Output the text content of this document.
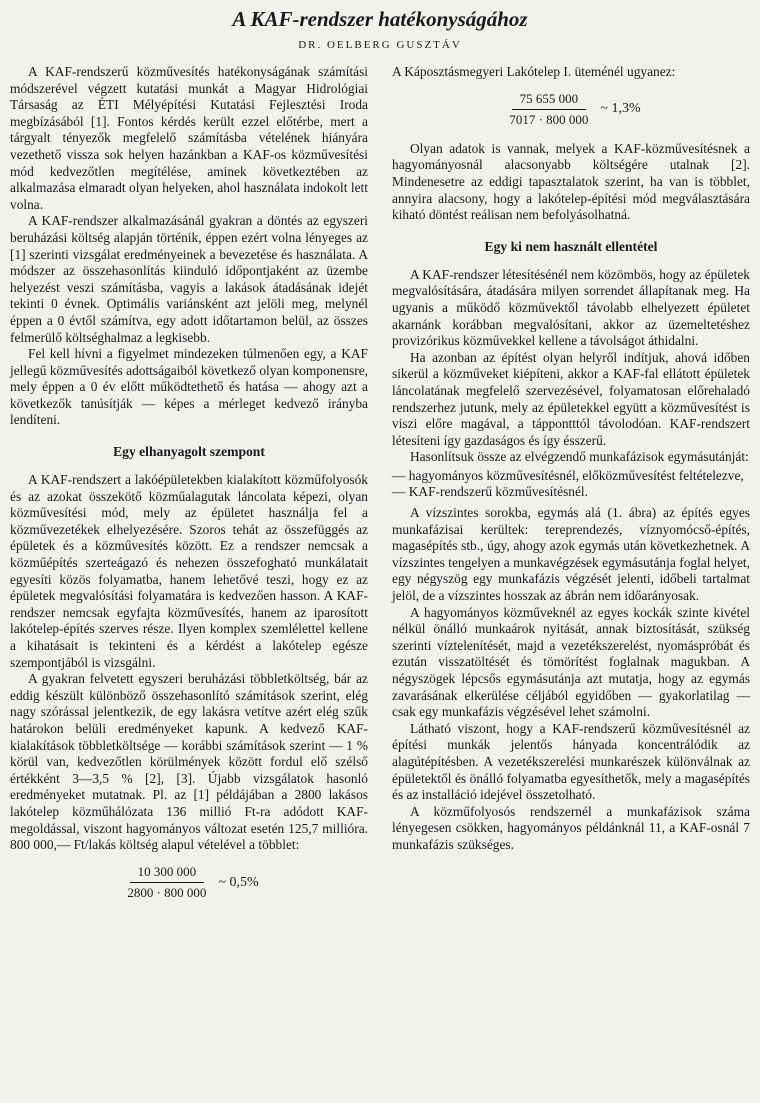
A KAF-rendszer hatékonyságához
DR. OELBERG GUSZTÁV

A KAF-rendszerű közművesítés hatékonyságának számítási módszerével végzett kutatási munkát a Magyar Hidrológiai Társaság az ÉTI Mélyépítési Kutatási Fejlesztési Iroda megbízásából [1]. Fontos kérdés került ezzel előtérbe, mert a tárgyalt tényezők megfelelő számításba vételének hiányára vezethető vissza sok helyen hazánkban a KAF-os közművesítési mód kedvezőtlen megítélése, aminek következtében az alkalmazása elmaradt olyan helyeken, ahol használata indokolt lett volna.

A KAF-rendszer alkalmazásánál gyakran a döntés az egyszeri beruházási költség alapján történik, éppen ezért volna lényeges az [1] szerinti vizsgálat eredményeinek a bevezetése és használata. A módszer az összehasonlítás kiinduló időpontjaként az üzembe helyezést veszi számításba, vagyis a lakások átadásának idejét tekinti 0 évnek. Optimális variánsként azt jelöli meg, melynél éppen a 0 évtől számítva, egy adott időtartamon belül, az összes felmerülő költséghalmaz a legkisebb.

Fel kell hívni a figyelmet mindezeken túlmenően egy, a KAF jellegű közművesítés adottságaiból következő olyan komponensre, mely éppen a 0 év előtt működtethető és hatása — ahogy azt a következők tanúsítják — képes a mérleget kedvező irányba lendíteni.

Egy elhanyagolt szempont

A KAF-rendszert a lakóépületekben kialakított közműfolyosók és az azokat összekötő közműalagutak láncolata képezi, olyan közművesítési mód, mely az épületet használja fel a közművezetékek elhelyezésére. Szoros tehát az összefüggés az épületek és a közművesítés között. Ez a rendszer nemcsak a közműépítés szerteágazó és nehezen összefogható munkálatait egyesíti közös folyamatba, hanem lehetővé teszi, hogy ez az épületek megvalósítási folyamatára is kedvezően hasson. A KAF-rendszer nemcsak egyfajta közművesítés, hanem az iparosított lakótelep-építés szerves része. Ilyen komplex szemlélettel kellene a kihatásait is tekinteni és a kérdést a lakótelep egésze szempontjából is vizsgálni.

A gyakran felvetett egyszeri beruházási többletköltség, bár az eddig készült különböző összehasonlító számítások szerint, elég nagy szórással jelentkezik, de egy lakásra vetítve azért elég szűk határokon belüli eredményeket kapunk. A kedvező KAF-kialakítások többletköltsége — korábbi számítások szerint — 1 % körül van, kedvezőtlen körülmények között fordul elő szélső értékként 3—3,5 % [2], [3]. Újabb vizsgálatok hasonló eredményeket mutatnak. Pl. az [1] példájában a 2800 lakásos lakótelep közműhálózata 136 millió Ft-ra adódott KAF-megoldással, viszont hagyományos változat esetén 125,7 millióra. 800 000,— Ft/lakás költség alapul vételével a többlet:

$\frac{10 300 000}{2800 \cdot 800 000}$ ~ 0,5%

A Káposztásmegyeri Lakótelep I. üteménél ugyanez:

$\frac{75 655 000}{7017 \cdot 800 000}$ ~ 1,3%

Olyan adatok is vannak, melyek a KAF-közművesítésnek a hagyományosnál alacsonyabb költségére utalnak [2]. Mindenesetre az eddigi tapasztalatok szerint, ha van is többlet, annyira alacsony, hogy a lakótelep-építési mód megválasztására kiható döntést reálisan nem befolyásolhatná.

Egy ki nem használt ellentétel

A KAF-rendszer létesítésénél nem közömbös, hogy az épületek megvalósítására, átadására milyen sorrendet állapítanak meg. Ha ugyanis a működő közművektől távolabb elhelyezett épületet akarnánk korábban megvalósítani, akkor az üzemeltetéshez provizórikus közművekkel kellene a távolságot áthidalni.

Ha azonban az építést olyan helyről indítjuk, ahová időben sikerül a közműveket kiépíteni, akkor a KAF-fal ellátott épületek láncolatának megfelelő szervezésével, folyamatosan előrehaladó rendszerhez jutunk, mely az épületekkel együtt a közművesítést is viszi előre magával, a táppontttól távolodóan. KAF-rendszert létesíteni így gazdaságos és így ésszerű.

Hasonlítsuk össze az elvégzendő munkafázisok egymásutánját:

— hagyományos közművesítésnél, előközművesítést feltételezve,
— KAF-rendszerű közművesítésnél.

A vízszintes sorokba, egymás alá (1. ábra) az építés egyes munkafázisai kerültek: tereprendezés, víznyomócső-építés, magasépítés stb., úgy, ahogy azok egymás után következhetnek. A vízszintes tengelyen a munkavégzések egymásutánja foglal helyet, egy négyszög egy munkafázis végzését jelenti, időbeli tartalmat jelöl, de a vízszintes hosszak az ábrán nem időarányosak.

A hagyományos közműveknél az egyes kockák szinte kivétel nélkül önálló munkaárok nyitását, annak biztosítását, szükség szerinti víztelenítését, majd a vezetékszerelést, nyomáspróbát és ezután visszatöltését és tömörítést foglalnak magukban. A négyszögek lépcsős egymásutánja azt mutatja, hogy az egymás zavarásának elkerülése céljából egyidőben — gyakorlatilag — csak egy munkafázis végzésével lehet számolni.

Látható viszont, hogy a KAF-rendszerű közművesítésnél az építési munkák jelentős hányada koncentrálódik az alagútépítésben. A vezetékszerelési munkarészek különválnak az épületektől és önálló folyamatba egyesíthetők, mely a magasépítés és az installáció idejével összetolható.

A közműfolyosós rendszernél a munkafázisok száma lényegesen csökken, hagyományos példánknál 11, a KAF-osnál 7 munkafázis szükséges.
